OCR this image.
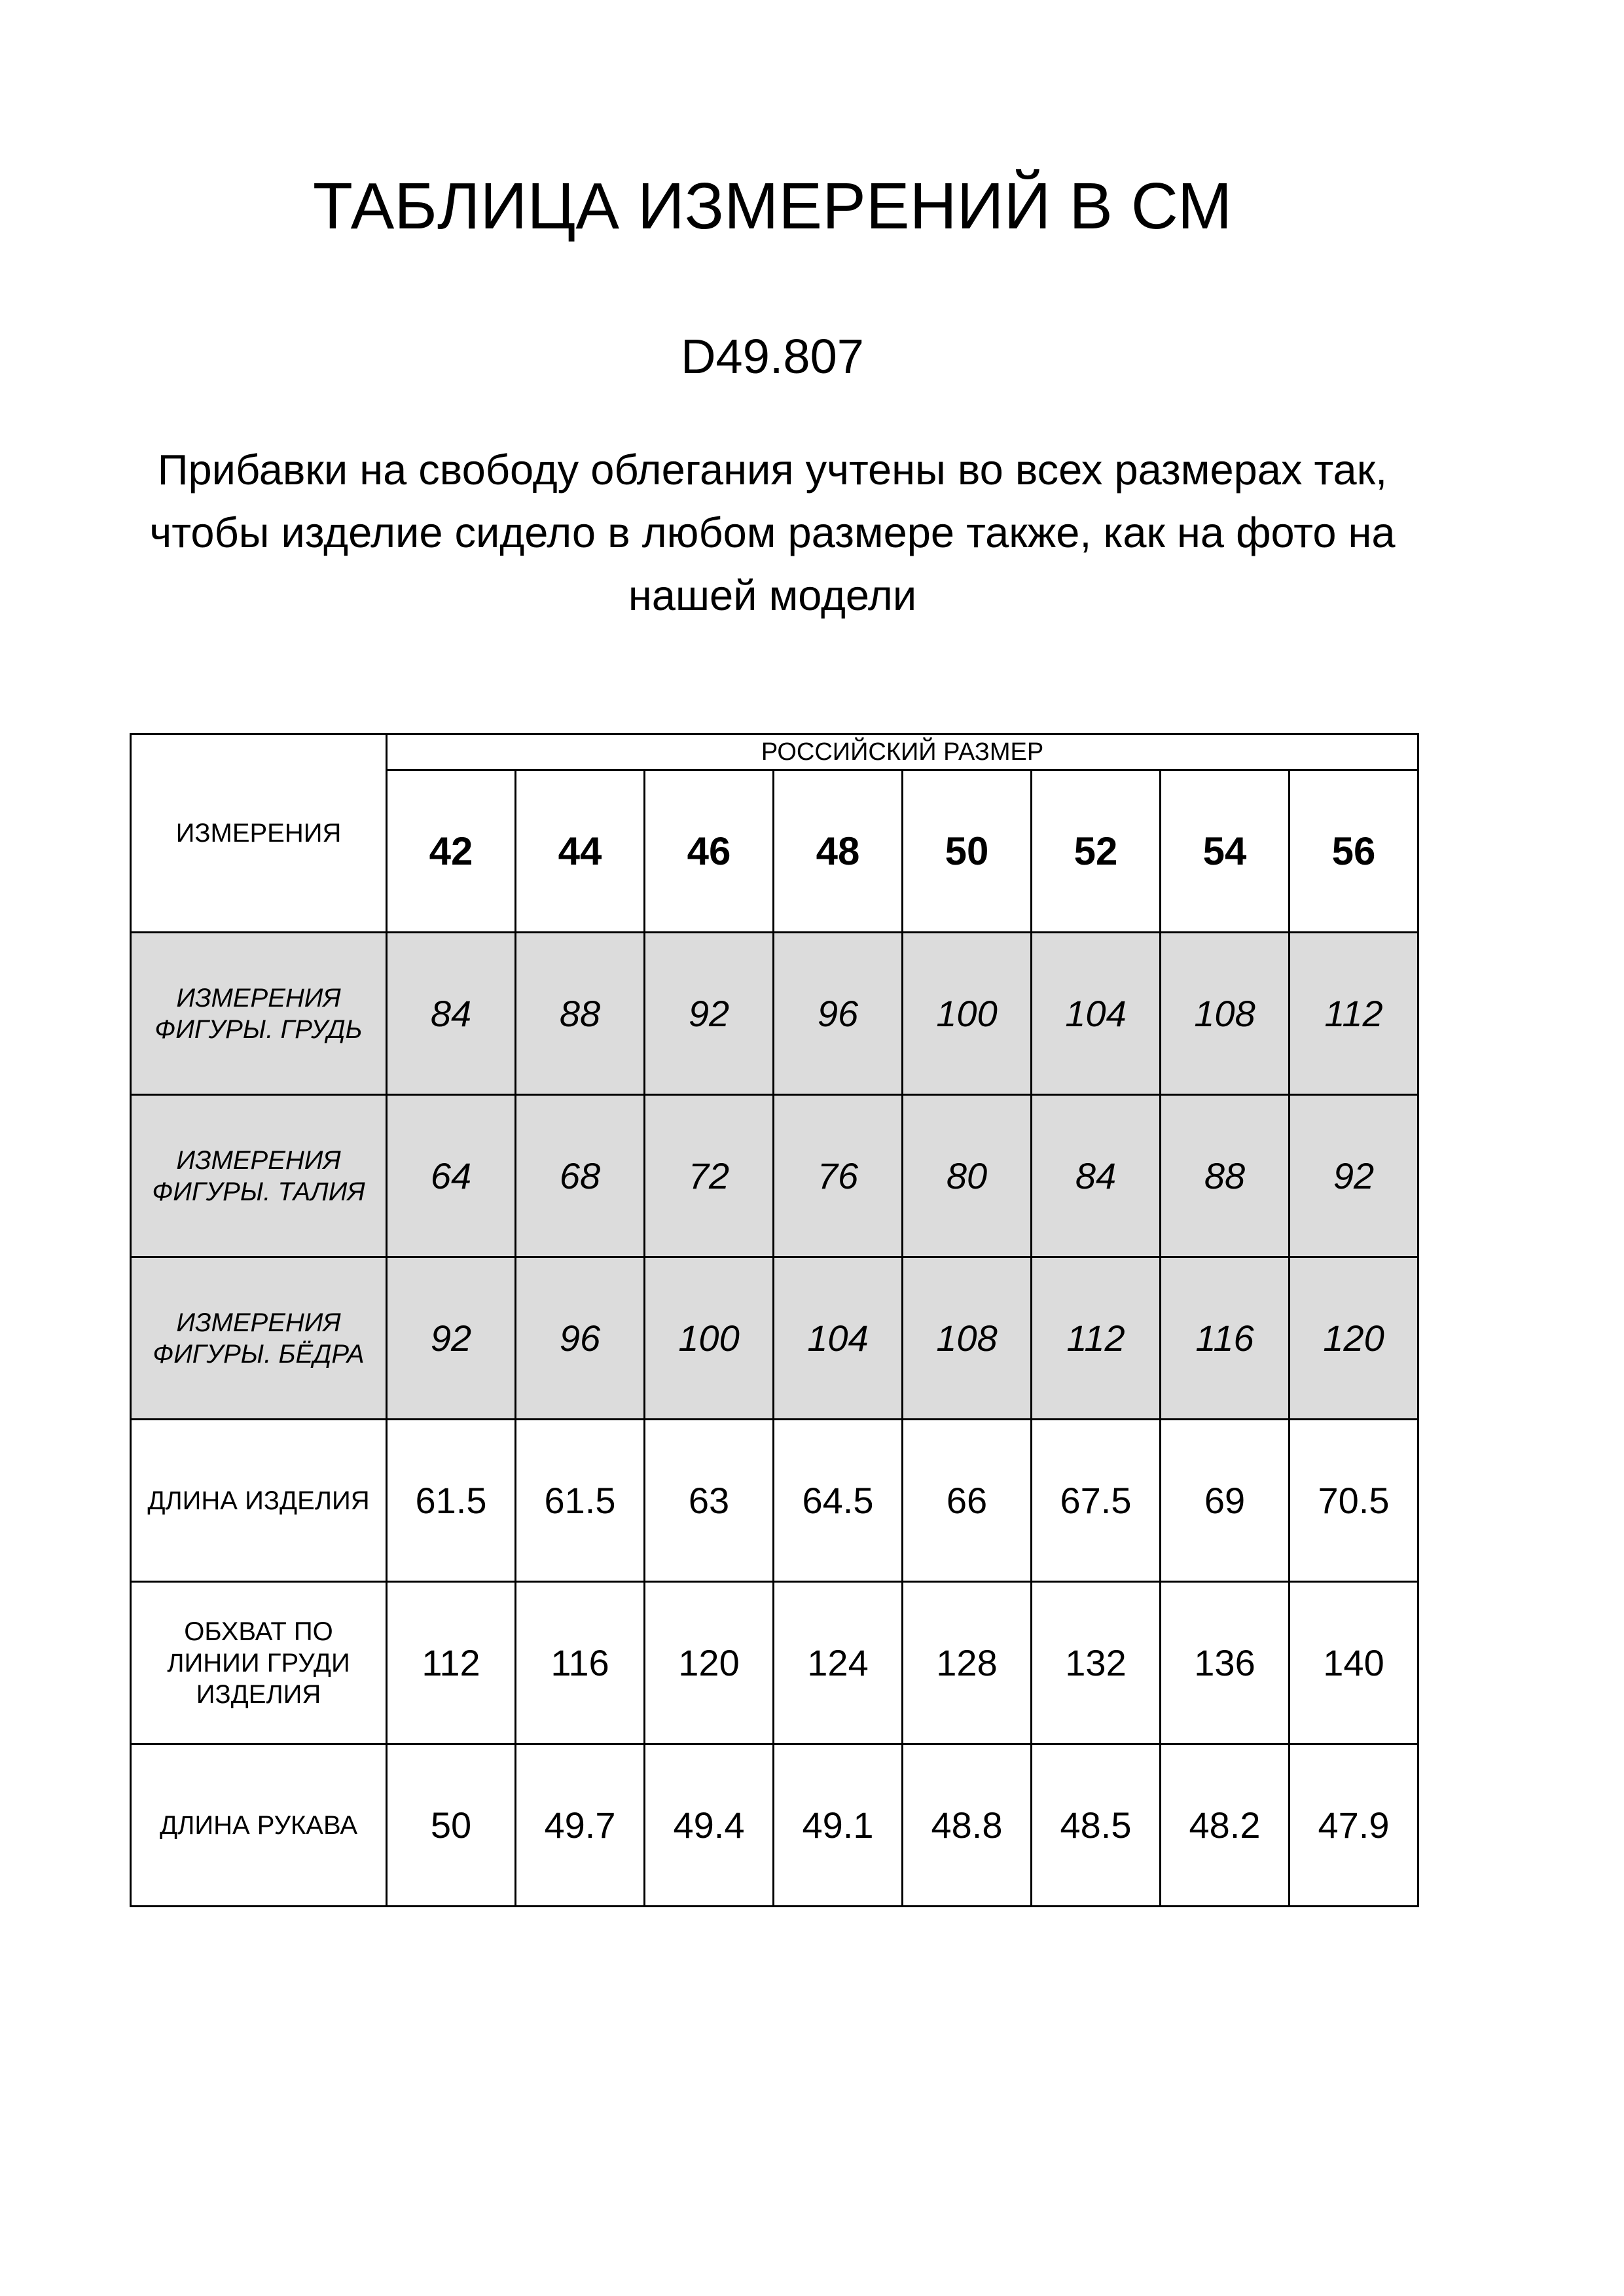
ТАБЛИЦА ИЗМЕРЕНИЙ В СМ
D49.807
Прибавки на свободу облегания учтены во всех размерах так, чтобы изделие сидело в любом размере также, как на фото на нашей модели
ИЗМЕРЕНИЯ	РОССИЙСКИЙ РАЗМЕР							
	42	44	46	48	50	52	54	56
ИЗМЕРЕНИЯ ФИГУРЫ. ГРУДЬ	84	88	92	96	100	104	108	112
ИЗМЕРЕНИЯ ФИГУРЫ. ТАЛИЯ	64	68	72	76	80	84	88	92
ИЗМЕРЕНИЯ ФИГУРЫ. БЁДРА	92	96	100	104	108	112	116	120
ДЛИНА ИЗДЕЛИЯ	61.5	61.5	63	64.5	66	67.5	69	70.5
ОБХВАТ ПО ЛИНИИ ГРУДИ ИЗДЕЛИЯ	112	116	120	124	128	132	136	140
ДЛИНА РУКАВА	50	49.7	49.4	49.1	48.8	48.5	48.2	47.9
